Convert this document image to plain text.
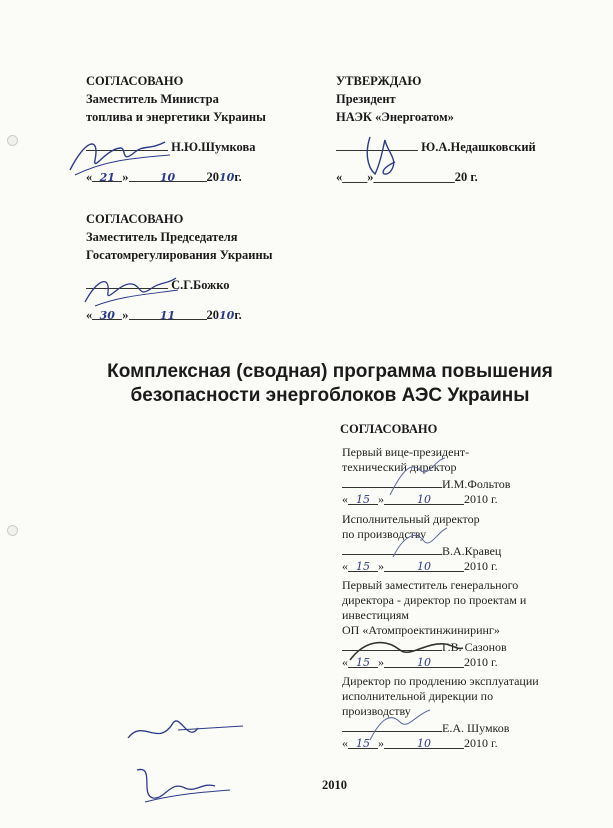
СОГЛАСОВАНО
Заместитель Министра
топлива и энергетики Украины
Н.Ю.Шумкова
« 21 »	10	2010г.
УТВЕРЖДАЮ
Президент
НАЭК «Энергоатом»
Ю.А.Недашковский
«____»_____________20 г.
СОГЛАСОВАНО
Заместитель Председателя
Госатомрегулирования Украины
С.Г.Божко
« 30 »	11	2010г.
Комплексная (сводная) программа повышения
безопасности энергоблоков АЭС Украины
СОГЛАСОВАНО
Первый вице-президент-
технический директор
И.М.Фольтов
« 15 »	10	2010 г.
Исполнительный директор
по производству
В.А.Кравец
« 15 »	10	2010 г.
Первый заместитель генерального
директора - директор по проектам и
инвестициям
ОП «Атомпроектинжиниринг»
Г.В. Сазонов
« 15 »	10	2010 г.
Директор по продлению эксплуатации
исполнительной дирекции по
производству
Е.А. Шумков
« 15 »	10	2010 г.
2010
